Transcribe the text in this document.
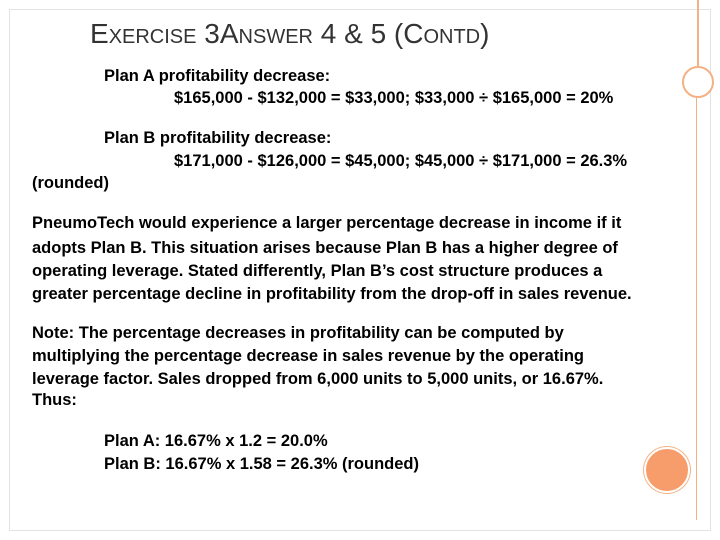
EXERCISE 3ANSWER 4 & 5 (CONTD)
Plan A profitability decrease:
$165,000 - $132,000 = $33,000; $33,000 ÷ $165,000 = 20%
Plan B profitability decrease:
$171,000 - $126,000 = $45,000; $45,000 ÷ $171,000 = 26.3%
(rounded)
PneumoTech would experience a larger percentage decrease in income if it
adopts Plan B. This situation arises because Plan B has a higher degree of
operating leverage. Stated differently, Plan B’s cost structure produces a
greater percentage decline in profitability from the drop-off in sales revenue.
Note: The percentage decreases in profitability can be computed by
multiplying the percentage decrease in sales revenue by the operating
leverage factor. Sales dropped from 6,000 units to 5,000 units, or 16.67%.
Thus:
Plan A: 16.67% x 1.2 = 20.0%
Plan B: 16.67% x 1.58 = 26.3% (rounded)
